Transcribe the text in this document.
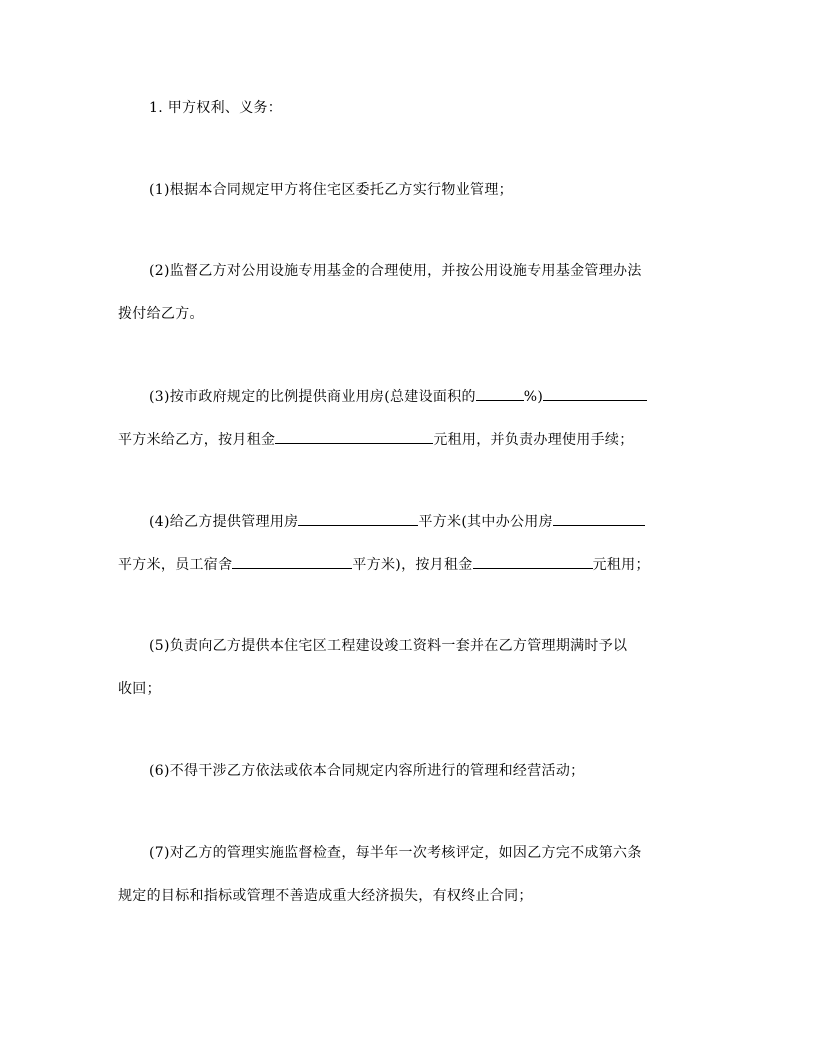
1. 甲方权利、义务：
(1)根据本合同规定甲方将住宅区委托乙方实行物业管理；
(2)监督乙方对公用设施专用基金的合理使用，并按公用设施专用基金管理办法
拨付给乙方。
(3)按市政府规定的比例提供商业用房(总建设面积的	%)
平方米给乙方，按月租金	元租用，并负责办理使用手续；
(4)给乙方提供管理用房	平方米(其中办公用房
平方米，员工宿舍	平方米)，按月租金	元租用；
(5)负责向乙方提供本住宅区工程建设竣工资料一套并在乙方管理期满时予以
收回；
(6)不得干涉乙方依法或依本合同规定内容所进行的管理和经营活动；
(7)对乙方的管理实施监督检查，每半年一次考核评定，如因乙方完不成第六条
规定的目标和指标或管理不善造成重大经济损失，有权终止合同；
